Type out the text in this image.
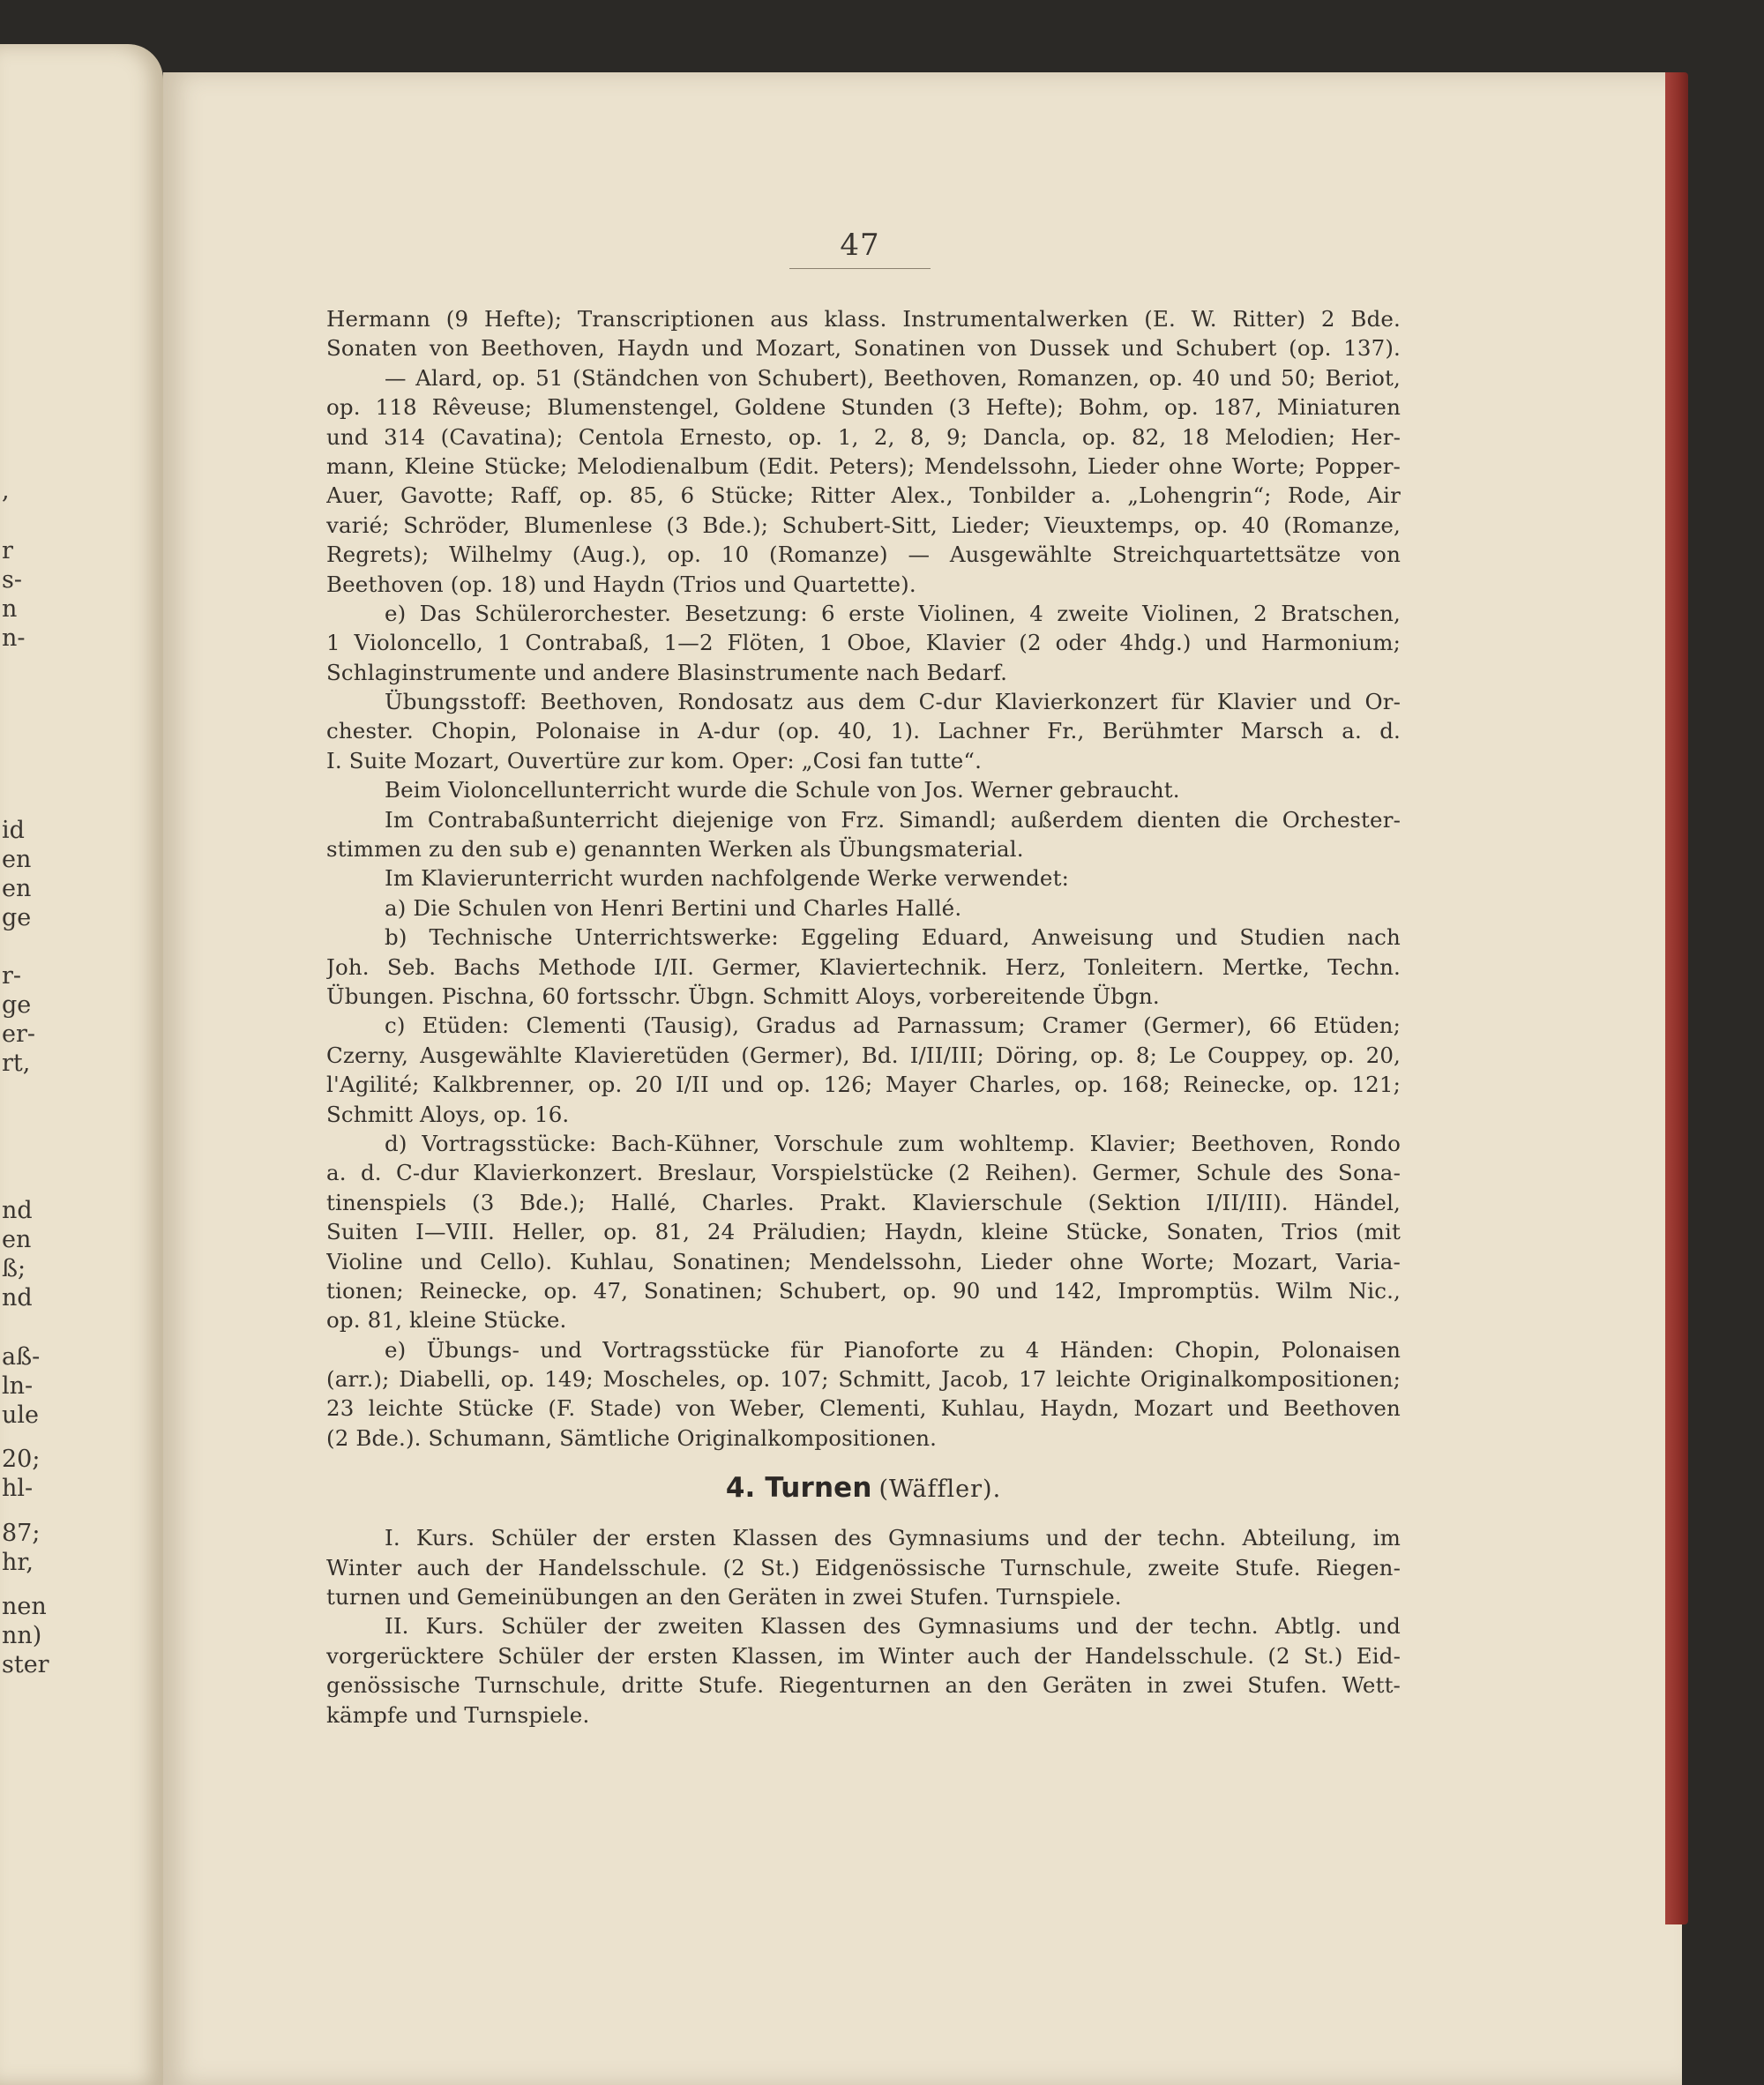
,
r
s-
n
n-
id
en
en
ge
r-
ge
er-
rt,
nd
en
ß;
nd
aß-
ln-
ule
20;
hl-
87;
hr,
nen
nn)
ster
47
Hermann (9 Hefte); Transcriptionen aus klass. Instrumentalwerken (E. W. Ritter) 2 Bde.
Sonaten von Beethoven, Haydn und Mozart, Sonatinen von Dussek und Schubert (op. 137).
— Alard, op. 51 (Ständchen von Schubert), Beethoven, Romanzen, op. 40 und 50; Beriot,
op. 118 Rêveuse; Blumenstengel, Goldene Stunden (3 Hefte); Bohm, op. 187, Miniaturen
und 314 (Cavatina); Centola Ernesto, op. 1, 2, 8, 9; Dancla, op. 82, 18 Melodien; Her-
mann, Kleine Stücke; Melodienalbum (Edit. Peters); Mendelssohn, Lieder ohne Worte; Popper-
Auer, Gavotte; Raff, op. 85, 6 Stücke; Ritter Alex., Tonbilder a. „Lohengrin“; Rode, Air
varié; Schröder, Blumenlese (3 Bde.); Schubert-Sitt, Lieder; Vieuxtemps, op. 40 (Romanze,
Regrets); Wilhelmy (Aug.), op. 10 (Romanze) — Ausgewählte Streichquartettsätze von
Beethoven (op. 18) und Haydn (Trios und Quartette).
e) Das Schülerorchester. Besetzung: 6 erste Violinen, 4 zweite Violinen, 2 Bratschen,
1 Violoncello, 1 Contrabaß, 1—2 Flöten, 1 Oboe, Klavier (2 oder 4hdg.) und Harmonium;
Schlaginstrumente und andere Blasinstrumente nach Bedarf.
Übungsstoff: Beethoven, Rondosatz aus dem C-dur Klavierkonzert für Klavier und Or-
chester. Chopin, Polonaise in A-dur (op. 40, 1). Lachner Fr., Berühmter Marsch a. d.
I. Suite Mozart, Ouvertüre zur kom. Oper: „Cosi fan tutte“.
Beim Violoncellunterricht wurde die Schule von Jos. Werner gebraucht.
Im Contrabaßunterricht diejenige von Frz. Simandl; außerdem dienten die Orchester-
stimmen zu den sub e) genannten Werken als Übungsmaterial.
Im Klavierunterricht wurden nachfolgende Werke verwendet:
a) Die Schulen von Henri Bertini und Charles Hallé.
b) Technische Unterrichtswerke: Eggeling Eduard, Anweisung und Studien nach
Joh. Seb. Bachs Methode I/II. Germer, Klaviertechnik. Herz, Tonleitern. Mertke, Techn.
Übungen. Pischna, 60 fortsschr. Übgn. Schmitt Aloys, vorbereitende Übgn.
c) Etüden: Clementi (Tausig), Gradus ad Parnassum; Cramer (Germer), 66 Etüden;
Czerny, Ausgewählte Klavieretüden (Germer), Bd. I/II/III; Döring, op. 8; Le Couppey, op. 20,
l'Agilité; Kalkbrenner, op. 20 I/II und op. 126; Mayer Charles, op. 168; Reinecke, op. 121;
Schmitt Aloys, op. 16.
d) Vortragsstücke: Bach-Kühner, Vorschule zum wohltemp. Klavier; Beethoven, Rondo
a. d. C-dur Klavierkonzert. Breslaur, Vorspielstücke (2 Reihen). Germer, Schule des Sona-
tinenspiels (3 Bde.); Hallé, Charles. Prakt. Klavierschule (Sektion I/II/III). Händel,
Suiten I—VIII. Heller, op. 81, 24 Präludien; Haydn, kleine Stücke, Sonaten, Trios (mit
Violine und Cello). Kuhlau, Sonatinen; Mendelssohn, Lieder ohne Worte; Mozart, Varia-
tionen; Reinecke, op. 47, Sonatinen; Schubert, op. 90 und 142, Impromptüs. Wilm Nic.,
op. 81, kleine Stücke.
e) Übungs- und Vortragsstücke für Pianoforte zu 4 Händen: Chopin, Polonaisen
(arr.); Diabelli, op. 149; Moscheles, op. 107; Schmitt, Jacob, 17 leichte Originalkompositionen;
23 leichte Stücke (F. Stade) von Weber, Clementi, Kuhlau, Haydn, Mozart und Beethoven
(2 Bde.). Schumann, Sämtliche Originalkompositionen.
4. Turnen (Wäffler).
I. Kurs. Schüler der ersten Klassen des Gymnasiums und der techn. Abteilung, im
Winter auch der Handelsschule. (2 St.) Eidgenössische Turnschule, zweite Stufe. Riegen-
turnen und Gemeinübungen an den Geräten in zwei Stufen. Turnspiele.
II. Kurs. Schüler der zweiten Klassen des Gymnasiums und der techn. Abtlg. und
vorgerücktere Schüler der ersten Klassen, im Winter auch der Handelsschule. (2 St.) Eid-
genössische Turnschule, dritte Stufe. Riegenturnen an den Geräten in zwei Stufen. Wett-
kämpfe und Turnspiele.
